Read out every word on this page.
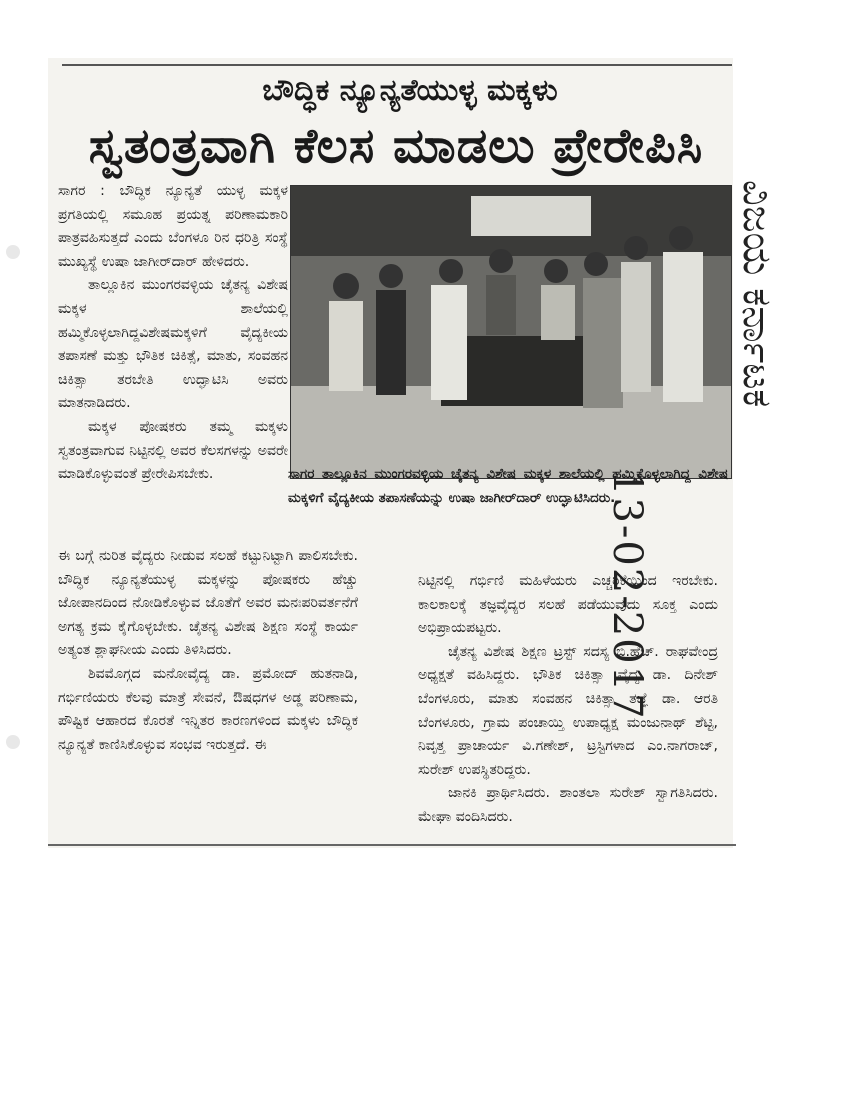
ಬೌದ್ಧಿಕ ನ್ಯೂನ್ಯತೆಯುಳ್ಳ ಮಕ್ಕಳು
ಸ್ವತಂತ್ರವಾಗಿ ಕೆಲಸ ಮಾಡಲು ಪ್ರೇರೇಪಿಸಿ

ಸಾಗರ : ಬೌದ್ಧಿಕ ನ್ಯೂನ್ಯತೆ ಯುಳ್ಳ ಮಕ್ಕಳ ಪ್ರಗತಿಯಲ್ಲಿ ಸಮೂಹ ಪ್ರಯತ್ನ ಪರಿಣಾಮಕಾರಿ ಪಾತ್ರವಹಿಸುತ್ತದೆ ಎಂದು ಬೆಂಗಳೂ ರಿನ ಧರಿತ್ರಿ ಸಂಸ್ಥೆ ಮುಖ್ಯಸ್ಥೆ ಉಷಾ ಜಾಗೀರ್‌ದಾರ್ ಹೇಳಿದರು.

ತಾಲ್ಲೂಕಿನ ಮುಂಗರವಳ್ಳಿಯ ಚೈತನ್ಯ ವಿಶೇಷ ಮಕ್ಕಳ ಶಾಲೆಯಲ್ಲಿ ಹಮ್ಮಿಕೊಳ್ಳಲಾಗಿದ್ದವಿಶೇಷಮಕ್ಕಳಿಗೆ ವೈದ್ಯಕೀಯ ತಪಾಸಣೆ ಮತ್ತು ಭೌತಿಕ ಚಿಕಿತ್ಸೆ, ಮಾತು, ಸಂವಹನ ಚಿಕಿತ್ಸಾ ತರಬೇತಿ ಉದ್ಘಾಟಿಸಿ ಅವರು ಮಾತನಾಡಿದರು.

ಮಕ್ಕಳ ಪೋಷಕರು ತಮ್ಮ ಮಕ್ಕಳು ಸ್ವತಂತ್ರವಾಗುವ ನಿಟ್ಟಿನಲ್ಲಿ ಅವರ ಕೆಲಸಗಳನ್ನು ಅವರೇ ಮಾಡಿಕೊಳ್ಳುವಂತೆ ಪ್ರೇರೇಪಿಸಬೇಕು.	ಸಾಗರ ತಾಲ್ಲೂಕಿನ ಮುಂಗರವಳ್ಳಿಯ ಚೈತನ್ಯ ವಿಶೇಷ ಮಕ್ಕಳ ಶಾಲೆಯಲ್ಲಿ ಹಮ್ಮಿಕೊಳ್ಳಲಾಗಿದ್ದ ವಿಶೇಷ ಮಕ್ಕಳಿಗೆ ವೈದ್ಯಕೀಯ ತಪಾಸಣೆಯನ್ನು ಉಷಾ ಜಾಗೀರ್‌ದಾರ್ ಉದ್ಘಾಟಿಸಿದರು.

ಈ ಬಗ್ಗೆ ನುರಿತ ವೈದ್ಯರು ನೀಡುವ ಸಲಹೆ ಕಟ್ಟುನಿಟ್ಟಾಗಿ ಪಾಲಿಸಬೇಕು. ಬೌದ್ಧಿಕ ನ್ಯೂನ್ಯತೆಯುಳ್ಳ ಮಕ್ಕಳನ್ನು ಪೋಷಕರು ಹೆಚ್ಚು ಜೋಪಾನದಿಂದ ನೋಡಿಕೊಳ್ಳುವ ಜೊತೆಗೆ ಅವರ ಮನಃಪರಿವರ್ತನೆಗೆ ಅಗತ್ಯ ಕ್ರಮ ಕೈಗೊಳ್ಳಬೇಕು. ಚೈತನ್ಯ ವಿಶೇಷ ಶಿಕ್ಷಣ ಸಂಸ್ಥೆ ಕಾರ್ಯ ಅತ್ಯಂತ ಶ್ಲಾಘನೀಯ ಎಂದು ತಿಳಿಸಿದರು.

ಶಿವಮೊಗ್ಗದ ಮನೋವೈದ್ಯ ಡಾ. ಪ್ರಮೋದ್ ಹುತನಾಡಿ, ಗರ್ಭಿಣಿಯರು ಕೆಲವು ಮಾತ್ರೆ ಸೇವನೆ, ಔಷಧಗಳ ಅಡ್ಡ ಪರಿಣಾಮ, ಪೌಷ್ಟಿಕ ಆಹಾರದ ಕೊರತೆ ಇನ್ನಿತರ ಕಾರಣಗಳಿಂದ ಮಕ್ಕಳು ಬೌದ್ಧಿಕ ನ್ಯೂನ್ಯತೆ ಕಾಣಿಸಿಕೊಳ್ಳುವ ಸಂಭವ ಇರುತ್ತದೆ. ಈ

ನಿಟ್ಟಿನಲ್ಲಿ ಗರ್ಭಿಣಿ ಮಹಿಳೆಯರು ಎಚ್ಚರಿಕೆಯಿಂದ ಇರಬೇಕು. ಕಾಲಕಾಲಕ್ಕೆ ತಜ್ಞವೈದ್ಯರ ಸಲಹೆ ಪಡೆಯುವುದು ಸೂಕ್ತ ಎಂದು ಅಭಿಪ್ರಾಯಪಟ್ಟರು.

ಚೈತನ್ಯ ವಿಶೇಷ ಶಿಕ್ಷಣ ಟ್ರಸ್ಟ್ ಸದಸ್ಯ ಬಿ.ಹೆಚ್. ರಾಘವೇಂದ್ರ ಅಧ್ಯಕ್ಷತೆ ವಹಿಸಿದ್ದರು. ಭೌತಿಕ ಚಿಕಿತ್ಸಾ ವೈದ್ಯ ಡಾ. ದಿನೇಶ್ ಬೆಂಗಳೂರು, ಮಾತು ಸಂವಹನ ಚಿಕಿತ್ಸಾ ತಜ್ಞೆ ಡಾ. ಆರತಿ ಬೆಂಗಳೂರು, ಗ್ರಾಮ ಪಂಚಾಯ್ತಿ ಉಪಾಧ್ಯಕ್ಷ ಮಂಜುನಾಥ್ ಶೆಟ್ಟಿ, ನಿವೃತ್ತ ಪ್ರಾಚಾರ್ಯ ವಿ.ಗಣೇಶ್, ಟ್ರಸ್ಟಿಗಳಾದ ಎಂ.ನಾಗರಾಜ್, ಸುರೇಶ್ ಉಪಸ್ಥಿತರಿದ್ದರು.

ಜಾನಕಿ ಪ್ರಾರ್ಥಿಸಿದರು. ಶಾಂತಲಾ ಸುರೇಶ್ ಸ್ವಾಗತಿಸಿದರು. ಮೇಘಾ ವಂದಿಸಿದರು.

ವಿಜಯ ಕರ್ನಾಟಕ
13-02-2017
